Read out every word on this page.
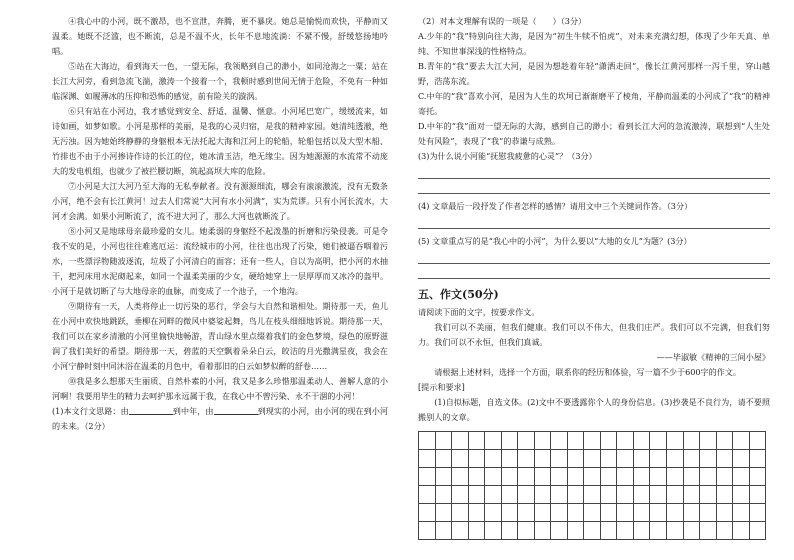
④我心中的小河，既不激昂，也不宣泄，奔腾，更不暴戾。她总是愉悦而欢快，平静而又温柔。她既不泛滥，也不断流，总是不温不火，长年不息地流淌：不紧不慢，舒缓悠扬地吟唱。

⑤站在大海边，看到海天一色，一望无际，我领略到自己的渺小，如同沧海之一粟；站在长江大河旁，看到急流飞湍，激涛一个接着一个，我顿时感到世间无情于危险，不免有一种如临深渊、如履薄冰的压抑和恐怖的感觉，前有险关的漩涡。

⑥只有站在小河边，我才感觉到安全、舒适、温馨、惬意。小河尾巴宽广，缓缓流来，如诗如画，如梦如歌。小河是那样的美丽，是我的心灵归宿，是我的精神家园。她清纯透澈，绝无污浊。因为她始终静静的身躯根本无法托起大海和江河上的轮船，轮船包括以及大型木船、竹排也不由于小河掺诗作诗的长江的位，她冰清玉洁，绝无缘尘。因为她源源的水流常不动庞大的发电机组，也就少了被拦腰切断，筑起高坝大库的危险。

⑦小河是大江大河乃至大海的无私奉献者。没有源源细流，哪会有滚滚激流，没有无数条小河，绝不会有长江黄河！过去人们常说“大河有水小河满”，实为荒谬。只有小河长流水，大河才会满。如果小河断流了，流不进大河了，那么大河也就断流了。

⑧小河又是地球母亲最珍爱的女儿。她柔弱的身躯经不起泼墨的折磨和污染侵袭。可是令我不安的是，小河也往往难逃厄运：流经城市的小河，往往也出现了污染，她们被逼吞咽着污水，一些漂浮物随波逐流，垃圾了小河清白的面容；还有一些人，自以为高明，把小河的水抽干，把河床用水泥砌起来，如同一个温柔美丽的少女，硬给她穿上一层厚厚而又冰冷的盔甲。小河于是就切断了与大地母亲的血脉，而变成了一个池子，一个地沟。

⑨期待有一天，人类将停止一切污染的恶行，学会与大自然和谐相处。期待那一天，鱼儿在小河中欢快地跳跃，垂柳在河畔的微风中婆娑起舞，鸟儿在枝头细细地诉说。期待那一天，我们可以在家乡清澈的小河里愉快地畅游，青山绿水里点缀着我们的金色梦境，绿色的原野滋润了我们美好的希望。期待那一天，碧蓝的天空飘着朵朵白云，皎洁的月光撒满星夜，我会在小河宁静时刻中同沐浴在温柔的月色中，看着那旧的白云如梦似醉的舒卷……

⑩我是多么想那天生丽质、自然朴素的小河，我又是多么珍惜那温柔动人、善解人意的小河啊！我要用毕生的精力去呵护那永远属于我，在我心中不曾污染、永不干涸的小河！

(1)本文行文思路：由	到中年，由	到现实的小河，由小河的现在到小河的未来。（2分）

（2）对本文理解有误的一项是（　　）（3分）

A.少年的“我”特别向往大海，是因为“初生牛犊不怕虎”，对未来充满幻想，体现了少年天真、单纯、不知世事深浅的性格特点。

B.青年的“我”要去大江大河，是因为想趁着年轻“潇洒走回”，像长江黄河那样一泻千里，穿山越野，浩荡东流。

C.中年的“我”喜欢小河，是因为人生的坎坷已渐渐磨平了棱角，平静而温柔的小河成了“我”的精神寄托。

D.中年的“我”面对一望无际的大海，感到自己的渺小；看到长江大河的急流激涛，联想到“人生处处有风险”，表现了“我”的恭谦与成熟。

(3)为什么说小河能“抚慰我疲惫的心灵”？（3分）

(4) 文章最后一段抒发了作者怎样的感情？请用文中三个关键词作答。（3分）

(5) 文章重点写的是“我心中的小河”，为什么要以“大地的女儿”为题？(3分）

五、作文(50分)

请阅读下面的文字，按要求作文。

我们可以不美丽，但我们健康。我们可以不伟大，但我们庄严。我们可以不完满，但我们努力。我们可以不永恒，但我们真诚。

——毕淑敏《精神的三间小屋》

请根据上述材料，选择一个方面，联系你的经历和体验，写一篇不少于600字的作文。

[提示和要求]

(1)自拟标题，自选文体。(2)文中不要透露你个人的身份信息。(3)抄袭是不良行为，请不要照搬别人的文章。
